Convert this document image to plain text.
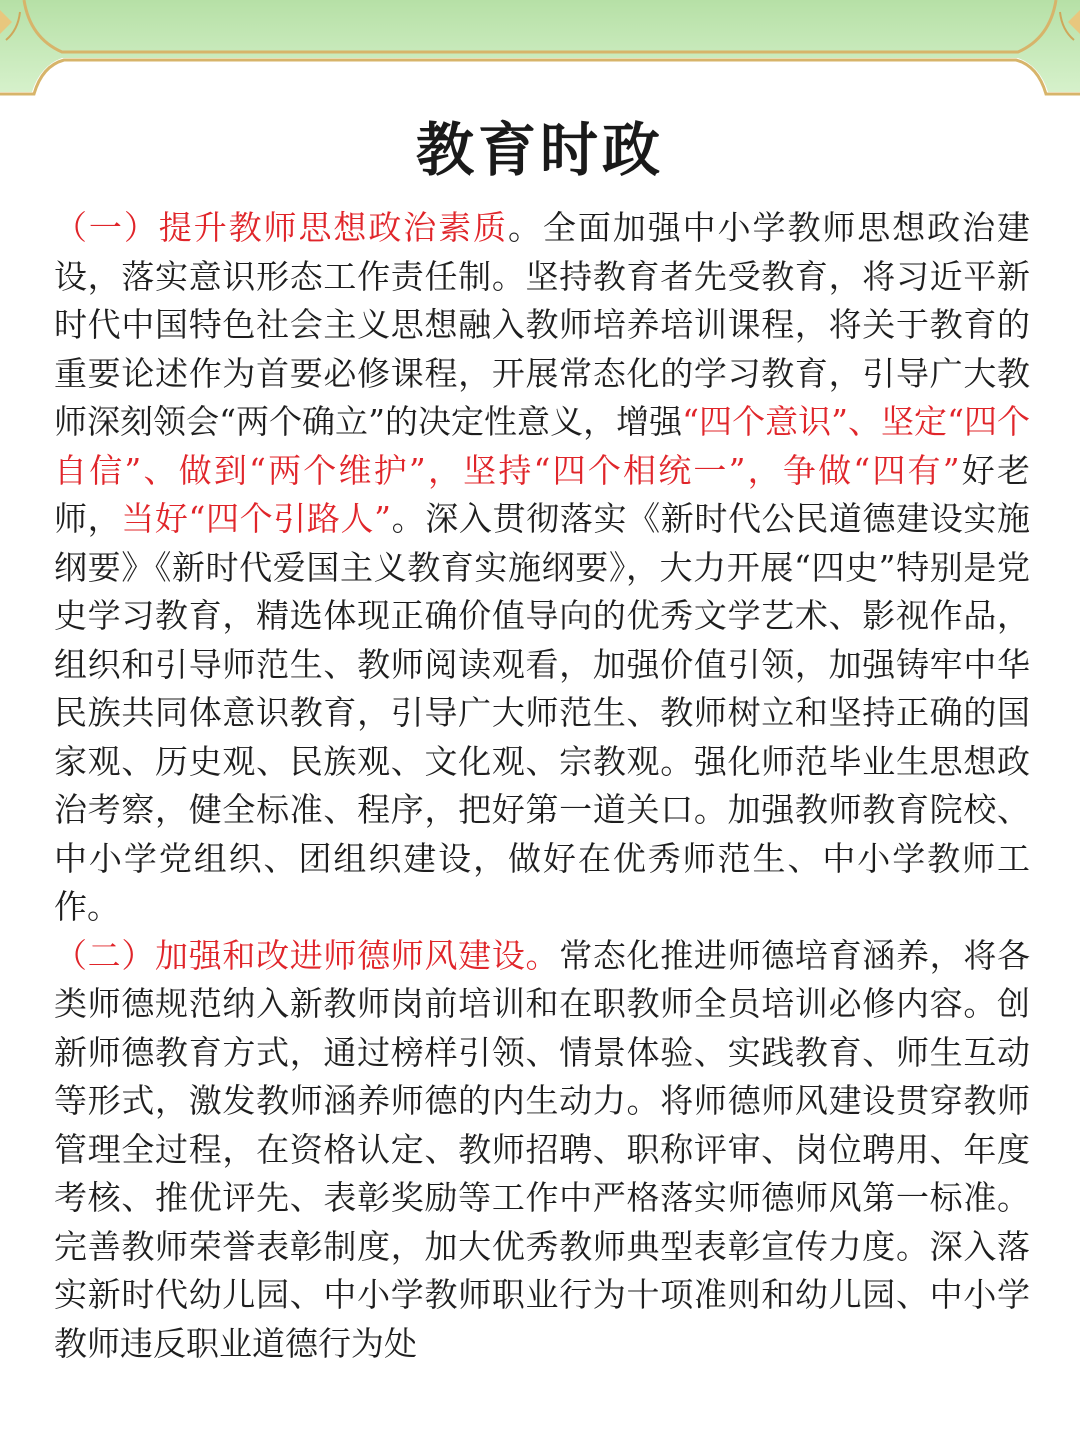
教育时政

（一）提升教师思想政治素质。全面加强中小学教师思想政治建设，落实意识形态工作责任制。坚持教育者先受教育，将习近平新时代中国特色社会主义思想融入教师培养培训课程，将关于教育的重要论述作为首要必修课程，开展常态化的学习教育，引导广大教师深刻领会“两个确立”的决定性意义，增强“四个意识”、坚定“四个自信”、做到“两个维护”，坚持“四个相统一”，争做“四有”好老师，当好“四个引路人”。深入贯彻落实《新时代公民道德建设实施纲要》《新时代爱国主义教育实施纲要》，大力开展“四史”特别是党史学习教育，精选体现正确价值导向的优秀文学艺术、影视作品，组织和引导师范生、教师阅读观看，加强价值引领，加强铸牢中华民族共同体意识教育，引导广大师范生、教师树立和坚持正确的国家观、历史观、民族观、文化观、宗教观。强化师范毕业生思想政治考察，健全标准、程序，把好第一道关口。加强教师教育院校、中小学党组织、团组织建设，做好在优秀师范生、中小学教师工作。

（二）加强和改进师德师风建设。常态化推进师德培育涵养，将各类师德规范纳入新教师岗前培训和在职教师全员培训必修内容。创新师德教育方式，通过榜样引领、情景体验、实践教育、师生互动等形式，激发教师涵养师德的内生动力。将师德师风建设贯穿教师管理全过程，在资格认定、教师招聘、职称评审、岗位聘用、年度考核、推优评先、表彰奖励等工作中严格落实师德师风第一标准。完善教师荣誉表彰制度，加大优秀教师典型表彰宣传力度。深入落实新时代幼儿园、中小学教师职业行为十项准则和幼儿园、中小学教师违反职业道德行为处
